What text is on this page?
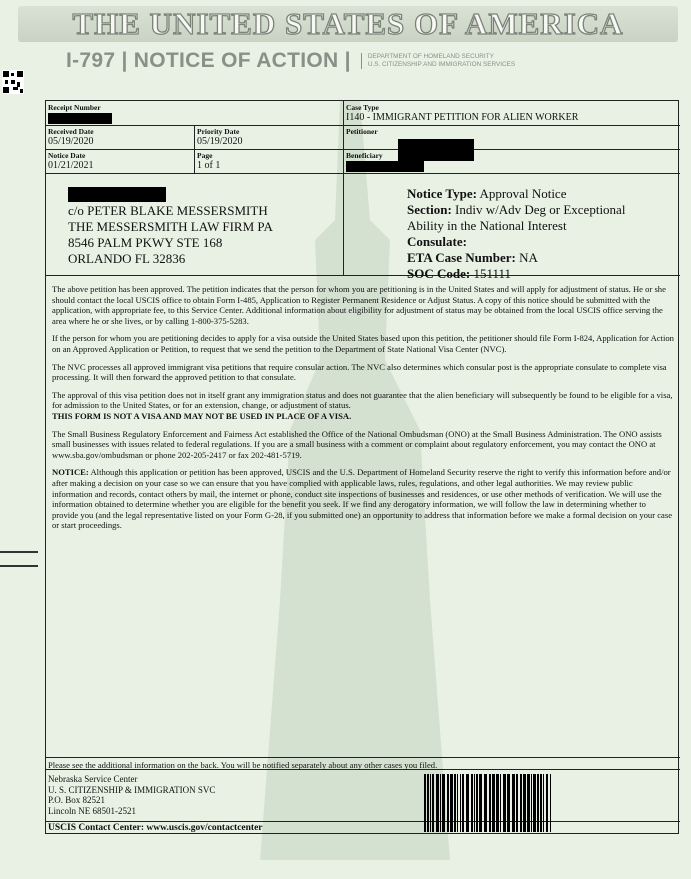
THE UNITED STATES OF AMERICA
I-797 | NOTICE OF ACTION |	DEPARTMENT OF HOMELAND SECURITY
U.S. CITIZENSHIP AND IMMIGRATION SERVICES
Receipt Number	Case Type
I140 - IMMIGRANT PETITION FOR ALIEN WORKER
Received Date
05/19/2020
Priority Date
05/19/2020
Petitioner
Notice Date
01/21/2021
Page
1 of 1
Beneficiary
c/o PETER BLAKE MESSERSMITH
THE MESSERSMITH LAW FIRM PA
8546 PALM PKWY STE 168
ORLANDO FL 32836
Notice Type: Approval Notice
Section: Indiv w/Adv Deg or Exceptional
Ability in the National Interest
Consulate:
ETA Case Number: NA
SOC Code: 151111

The above petition has been approved. The petition indicates that the person for whom you are petitioning is in the United States and will apply for adjustment of status. He or she should contact the local USCIS office to obtain Form I-485, Application to Register Permanent Residence or Adjust Status. A copy of this notice should be submitted with the application, with appropriate fee, to this Service Center. Additional information about eligibility for adjustment of status may be obtained from the local USCIS office serving the area where he or she lives, or by calling 1-800-375-5283.

If the person for whom you are petitioning decides to apply for a visa outside the United States based upon this petition, the petitioner should file Form I-824, Application for Action on an Approved Application or Petition, to request that we send the petition to the Department of State National Visa Center (NVC).

The NVC processes all approved immigrant visa petitions that require consular action. The NVC also determines which consular post is the appropriate consulate to complete visa processing. It will then forward the approved petition to that consulate.

The approval of this visa petition does not in itself grant any immigration status and does not guarantee that the alien beneficiary will subsequently be found to be eligible for a visa, for admission to the United States, or for an extension, change, or adjustment of status.

THIS FORM IS NOT A VISA AND MAY NOT BE USED IN PLACE OF A VISA.

The Small Business Regulatory Enforcement and Fairness Act established the Office of the National Ombudsman (ONO) at the Small Business Administration. The ONO assists small businesses with issues related to federal regulations. If you are a small business with a comment or complaint about regulatory enforcement, you may contact the ONO at www.sba.gov/ombudsman or phone 202-205-2417 or fax 202-481-5719.

NOTICE: Although this application or petition has been approved, USCIS and the U.S. Department of Homeland Security reserve the right to verify this information before and/or after making a decision on your case so we can ensure that you have complied with applicable laws, rules, regulations, and other legal authorities. We may review public information and records, contact others by mail, the internet or phone, conduct site inspections of businesses and residences, or use other methods of verification. We will use the information obtained to determine whether you are eligible for the benefit you seek. If we find any derogatory information, we will follow the law in determining whether to provide you (and the legal representative listed on your Form G-28, if you submitted one) an opportunity to address that information before we make a formal decision on your case or start proceedings.

Please see the additional information on the back. You will be notified separately about any other cases you filed.
Nebraska Service Center
U. S. CITIZENSHIP & IMMIGRATION SVC
P.O. Box 82521
Lincoln NE 68501-2521
USCIS Contact Center: www.uscis.gov/contactcenter
